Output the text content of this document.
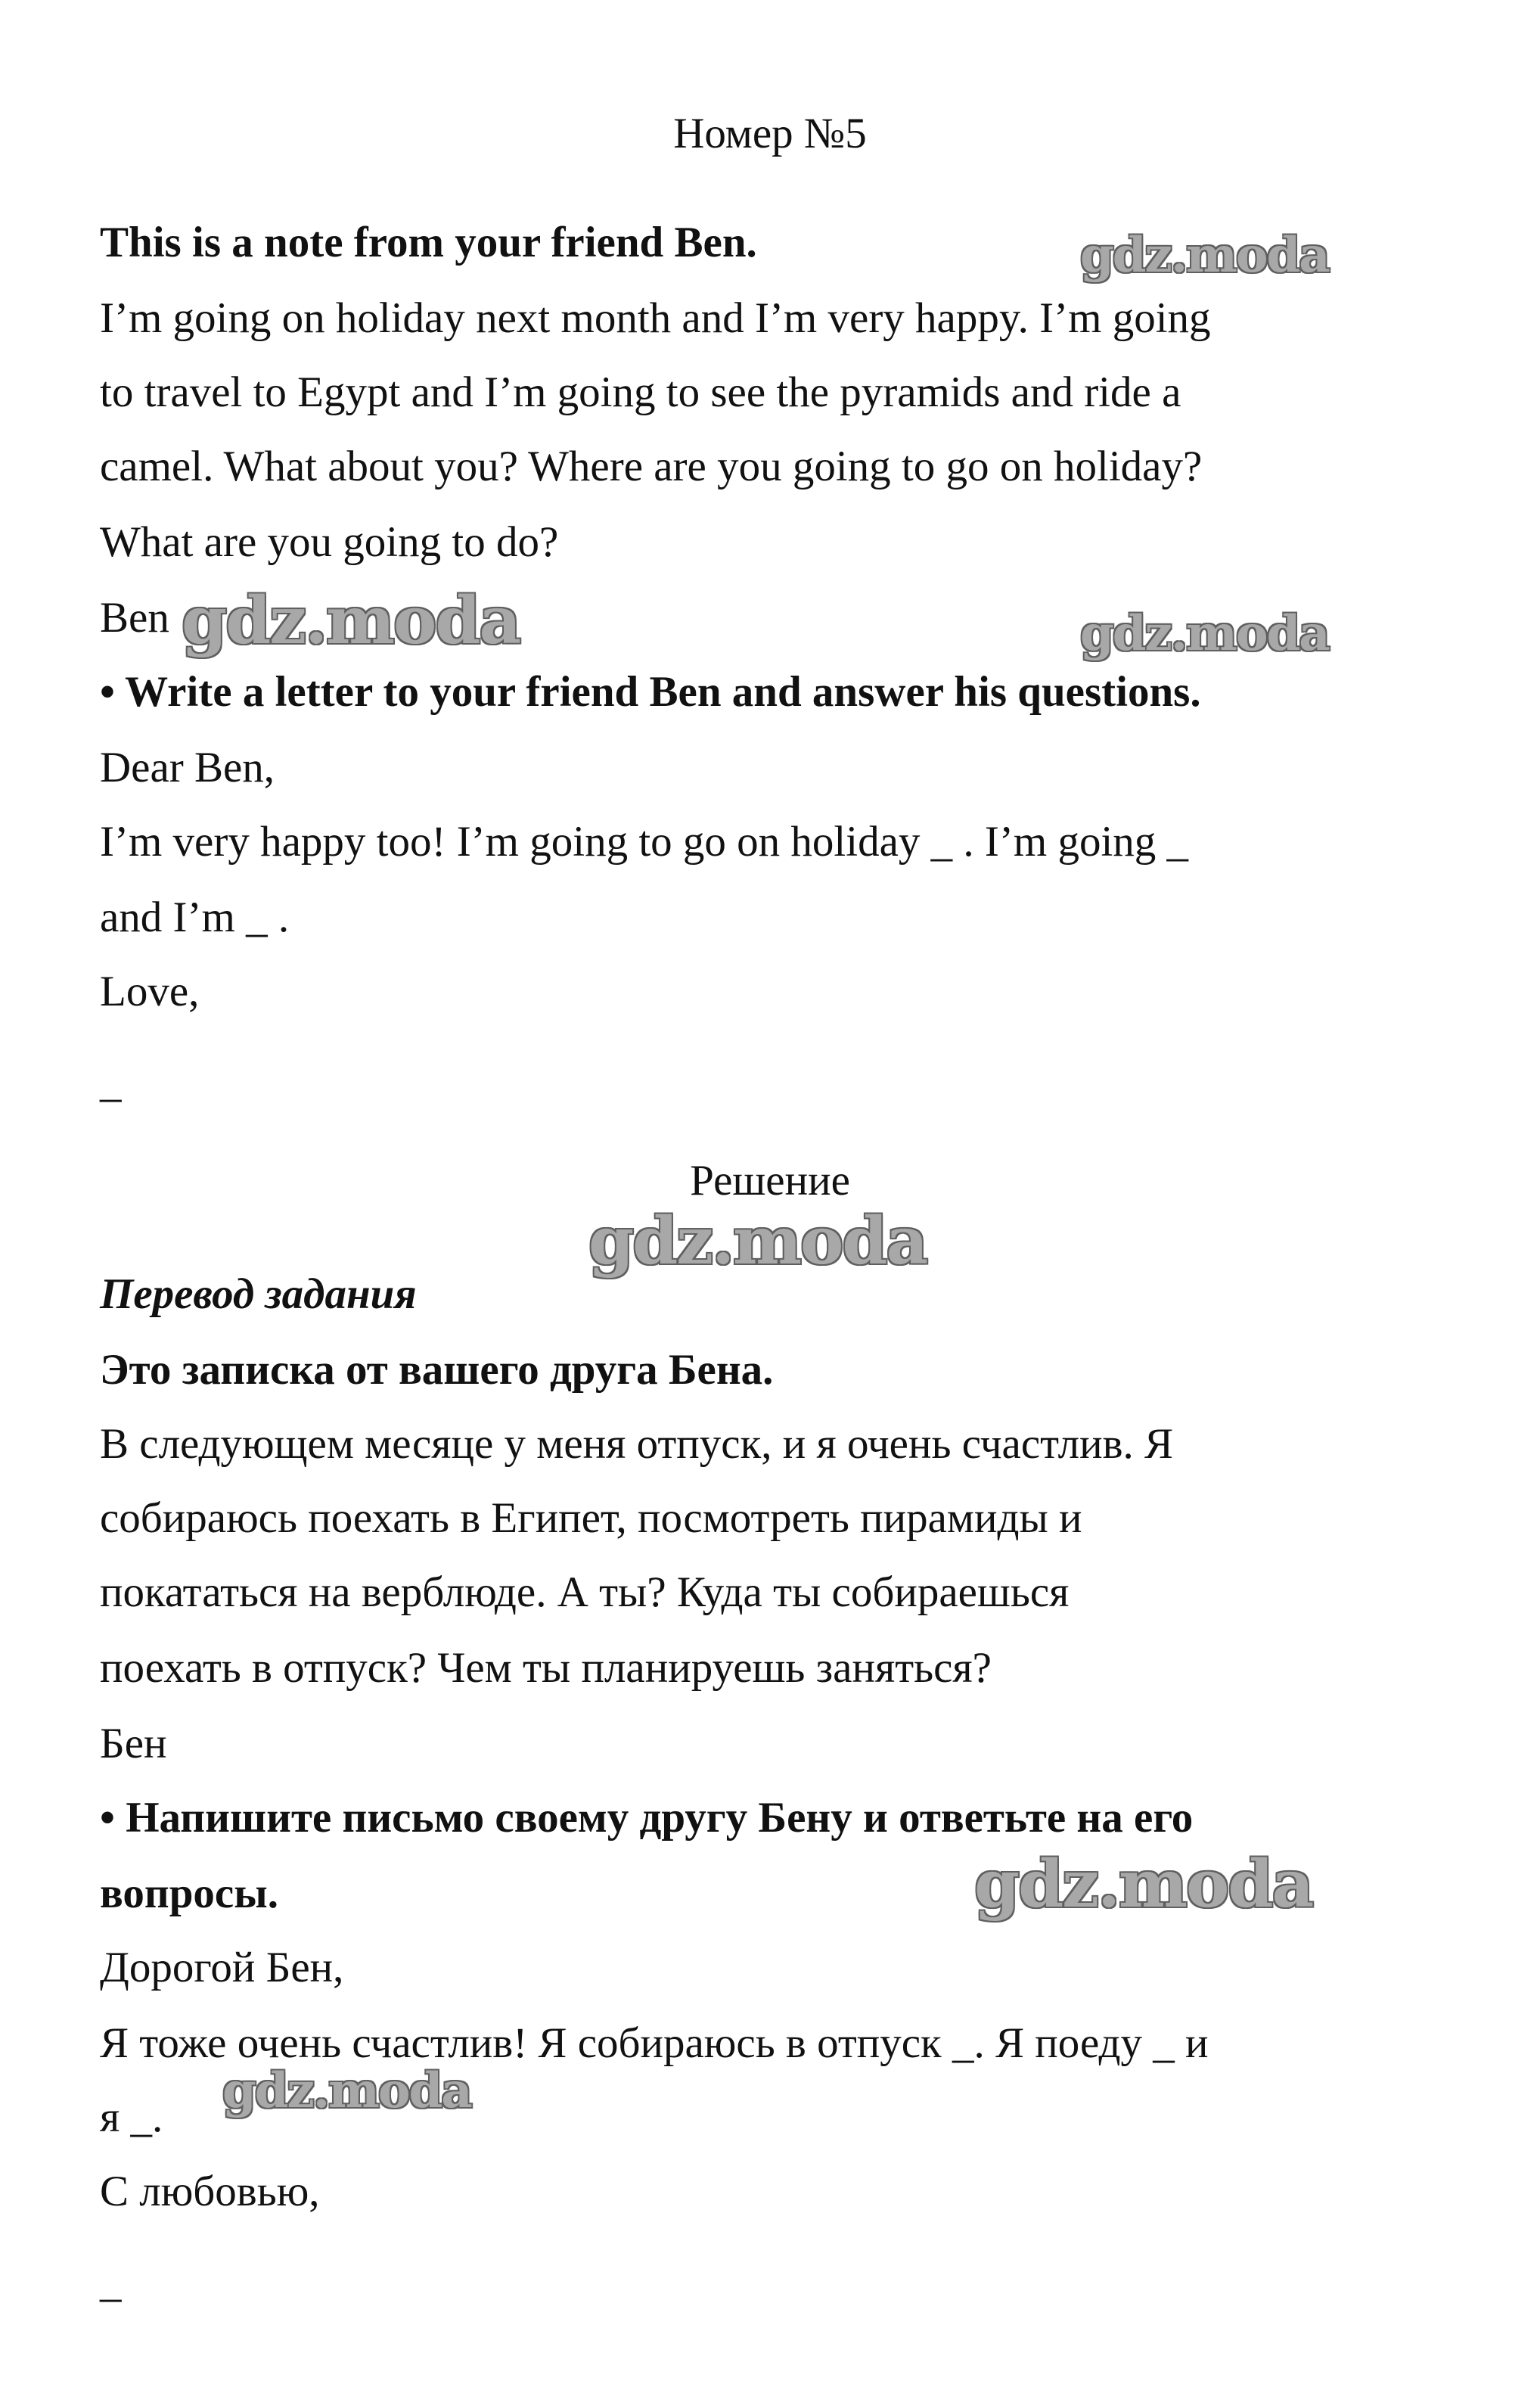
Номер №5
This is a note from your friend Ben.
I’m going on holiday next month and I’m very happy. I’m going
to travel to Egypt and I’m going to see the pyramids and ride a
camel. What about you? Where are you going to go on holiday?
What are you going to do?
Ben
• Write a letter to your friend Ben and answer his questions.
Dear Ben,
I’m very happy too! I’m going to go on holiday _ . I’m going _
and I’m _ .
Love,
_
Решение
Перевод задания
Это записка от вашего друга Бена.
В следующем месяце у меня отпуск, и я очень счастлив. Я
собираюсь поехать в Египет, посмотреть пирамиды и
покататься на верблюде. А ты? Куда ты собираешься
поехать в отпуск? Чем ты планируешь заняться?
Бен
• Напишите письмо своему другу Бену и ответьте на его
вопросы.
Дорогой Бен,
Я тоже очень счастлив! Я собираюсь в отпуск _. Я поеду _ и
я _.
С любовью,
_
gdz.moda
gdz.moda	gdz.moda
gdz.moda
gdz.moda
gdz.moda
